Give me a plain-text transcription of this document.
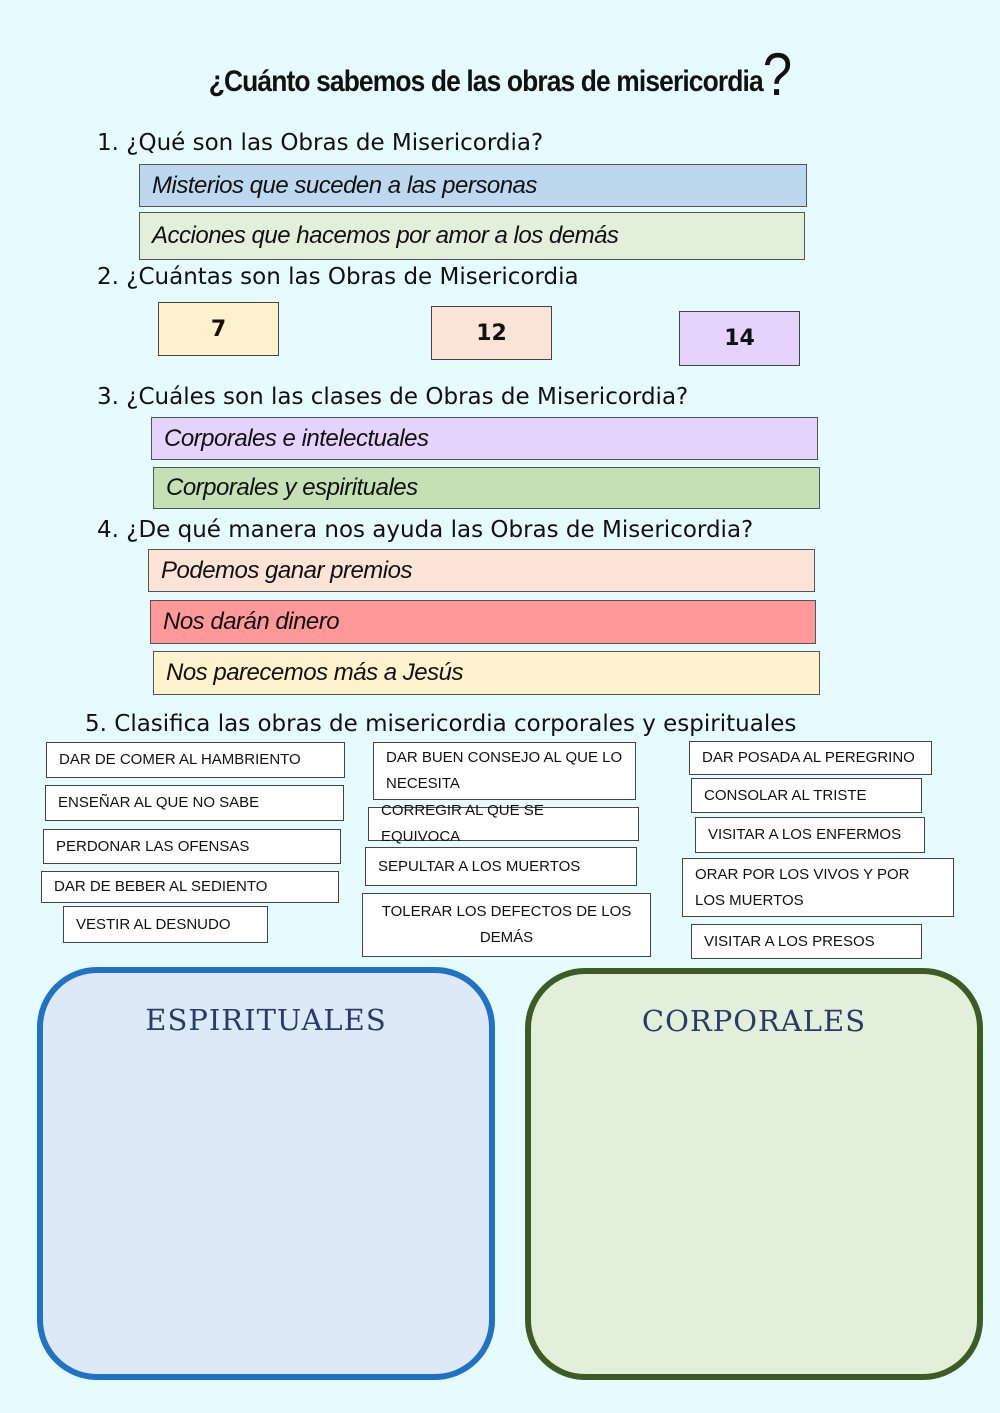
¿Cuánto sabemos de las obras de misericordia?
1. ¿Qué son las Obras de Misericordia?
Misterios que suceden a las personas
Acciones que hacemos por amor a los demás
2. ¿Cuántas son las Obras de Misericordia
7	12	14
3. ¿Cuáles son las clases de Obras de Misericordia?
Corporales e intelectuales
Corporales y espirituales
4. ¿De qué manera nos ayuda las Obras de Misericordia?
Podemos ganar premios
Nos darán dinero
Nos parecemos más a Jesús
5. Clasifica las obras de misericordia corporales y espirituales
DAR DE COMER AL HAMBRIENTO
ENSEÑAR AL QUE NO SABE
PERDONAR LAS OFENSAS
DAR DE BEBER AL SEDIENTO
VESTIR AL DESNUDO
DAR BUEN CONSEJO AL QUE LO NECESITA
CORREGIR AL QUE SE EQUIVOCA
SEPULTAR A LOS MUERTOS
TOLERAR LOS DEFECTOS DE LOS DEMÁS
DAR POSADA AL PEREGRINO
CONSOLAR AL TRISTE
VISITAR A LOS ENFERMOS
ORAR POR LOS VIVOS Y POR LOS MUERTOS
VISITAR A LOS PRESOS
ESPIRITUALES	CORPORALES
